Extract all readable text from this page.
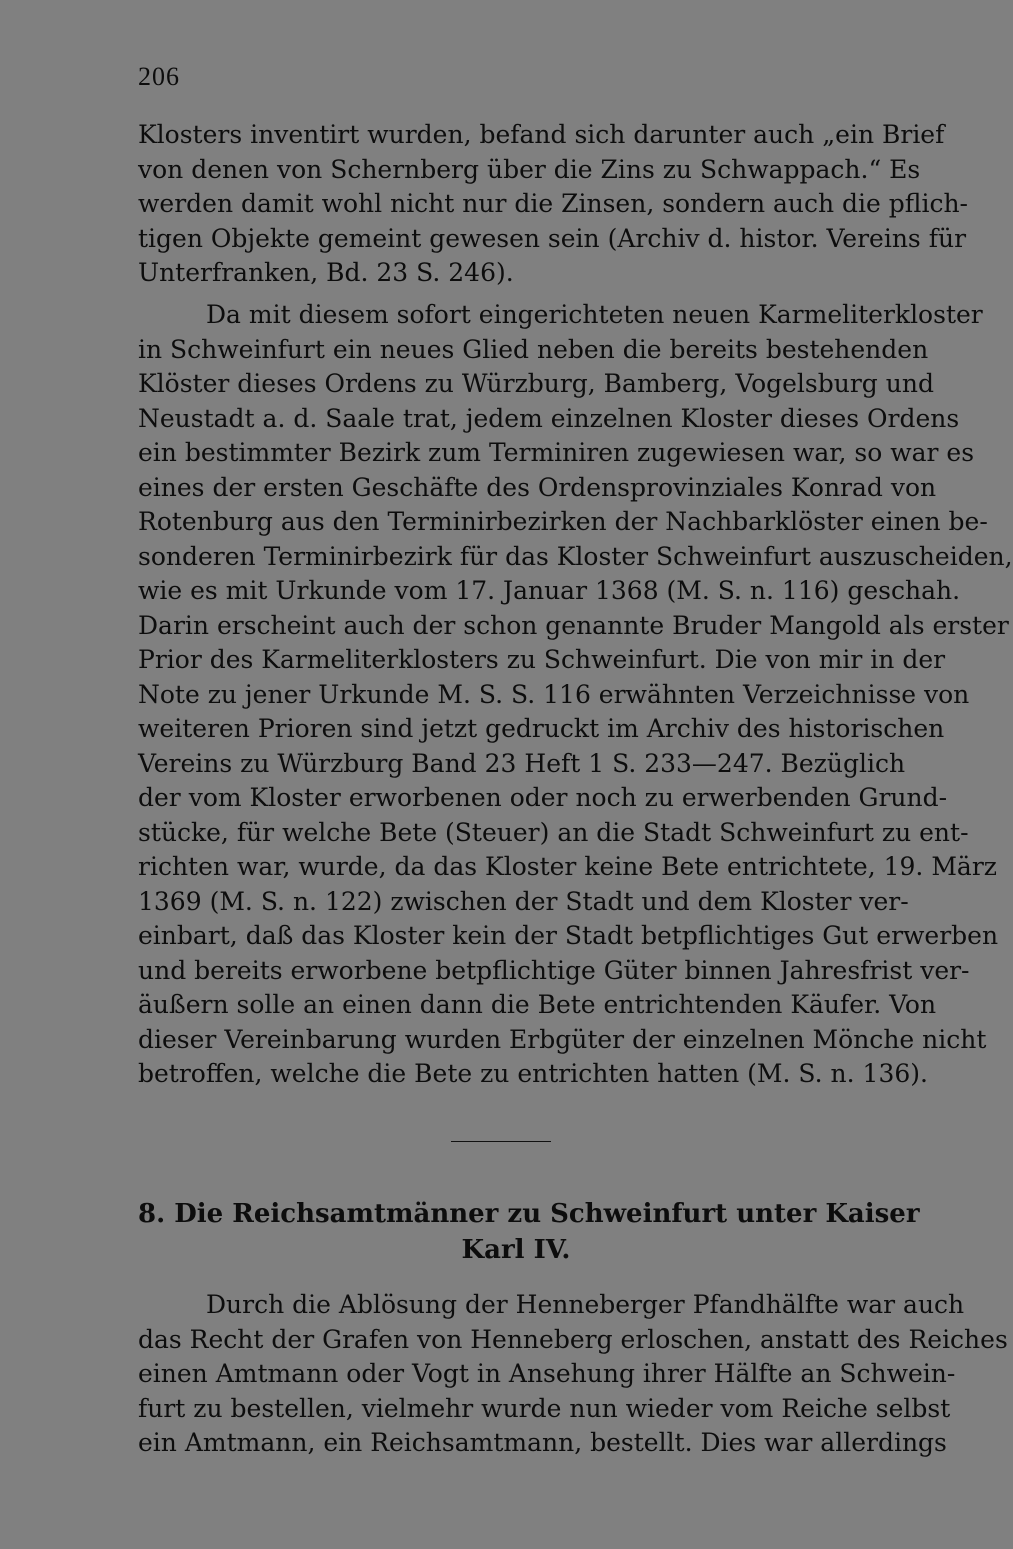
206
Klosters inventirt wurden, befand sich darunter auch „ein Brief
von denen von Schernberg über die Zins zu Schwappach.“ Es
werden damit wohl nicht nur die Zinsen, sondern auch die pflich-
tigen Objekte gemeint gewesen sein (Archiv d. histor. Vereins für
Unterfranken, Bd. 23 S. 246).
Da mit diesem sofort eingerichteten neuen Karmeliterkloster
in Schweinfurt ein neues Glied neben die bereits bestehenden
Klöster dieses Ordens zu Würzburg, Bamberg, Vogelsburg und
Neustadt a. d. Saale trat, jedem einzelnen Kloster dieses Ordens
ein bestimmter Bezirk zum Terminiren zugewiesen war, so war es
eines der ersten Geschäfte des Ordensprovinziales Konrad von
Rotenburg aus den Terminirbezirken der Nachbarklöster einen be-
sonderen Terminirbezirk für das Kloster Schweinfurt auszuscheiden,
wie es mit Urkunde vom 17. Januar 1368 (M. S. n. 116) geschah.
Darin erscheint auch der schon genannte Bruder Mangold als erster
Prior des Karmeliterklosters zu Schweinfurt. Die von mir in der
Note zu jener Urkunde M. S. S. 116 erwähnten Verzeichnisse von
weiteren Prioren sind jetzt gedruckt im Archiv des historischen
Vereins zu Würzburg Band 23 Heft 1 S. 233—247. Bezüglich
der vom Kloster erworbenen oder noch zu erwerbenden Grund-
stücke, für welche Bete (Steuer) an die Stadt Schweinfurt zu ent-
richten war, wurde, da das Kloster keine Bete entrichtete, 19. März
1369 (M. S. n. 122) zwischen der Stadt und dem Kloster ver-
einbart, daß das Kloster kein der Stadt betpflichtiges Gut erwerben
und bereits erworbene betpflichtige Güter binnen Jahresfrist ver-
äußern solle an einen dann die Bete entrichtenden Käufer. Von
dieser Vereinbarung wurden Erbgüter der einzelnen Mönche nicht
betroffen, welche die Bete zu entrichten hatten (M. S. n. 136).
8. Die Reichsamtmänner zu Schweinfurt unter Kaiser
Karl IV.
Durch die Ablösung der Henneberger Pfandhälfte war auch
das Recht der Grafen von Henneberg erloschen, anstatt des Reiches
einen Amtmann oder Vogt in Ansehung ihrer Hälfte an Schwein-
furt zu bestellen, vielmehr wurde nun wieder vom Reiche selbst
ein Amtmann, ein Reichsamtmann, bestellt. Dies war allerdings
